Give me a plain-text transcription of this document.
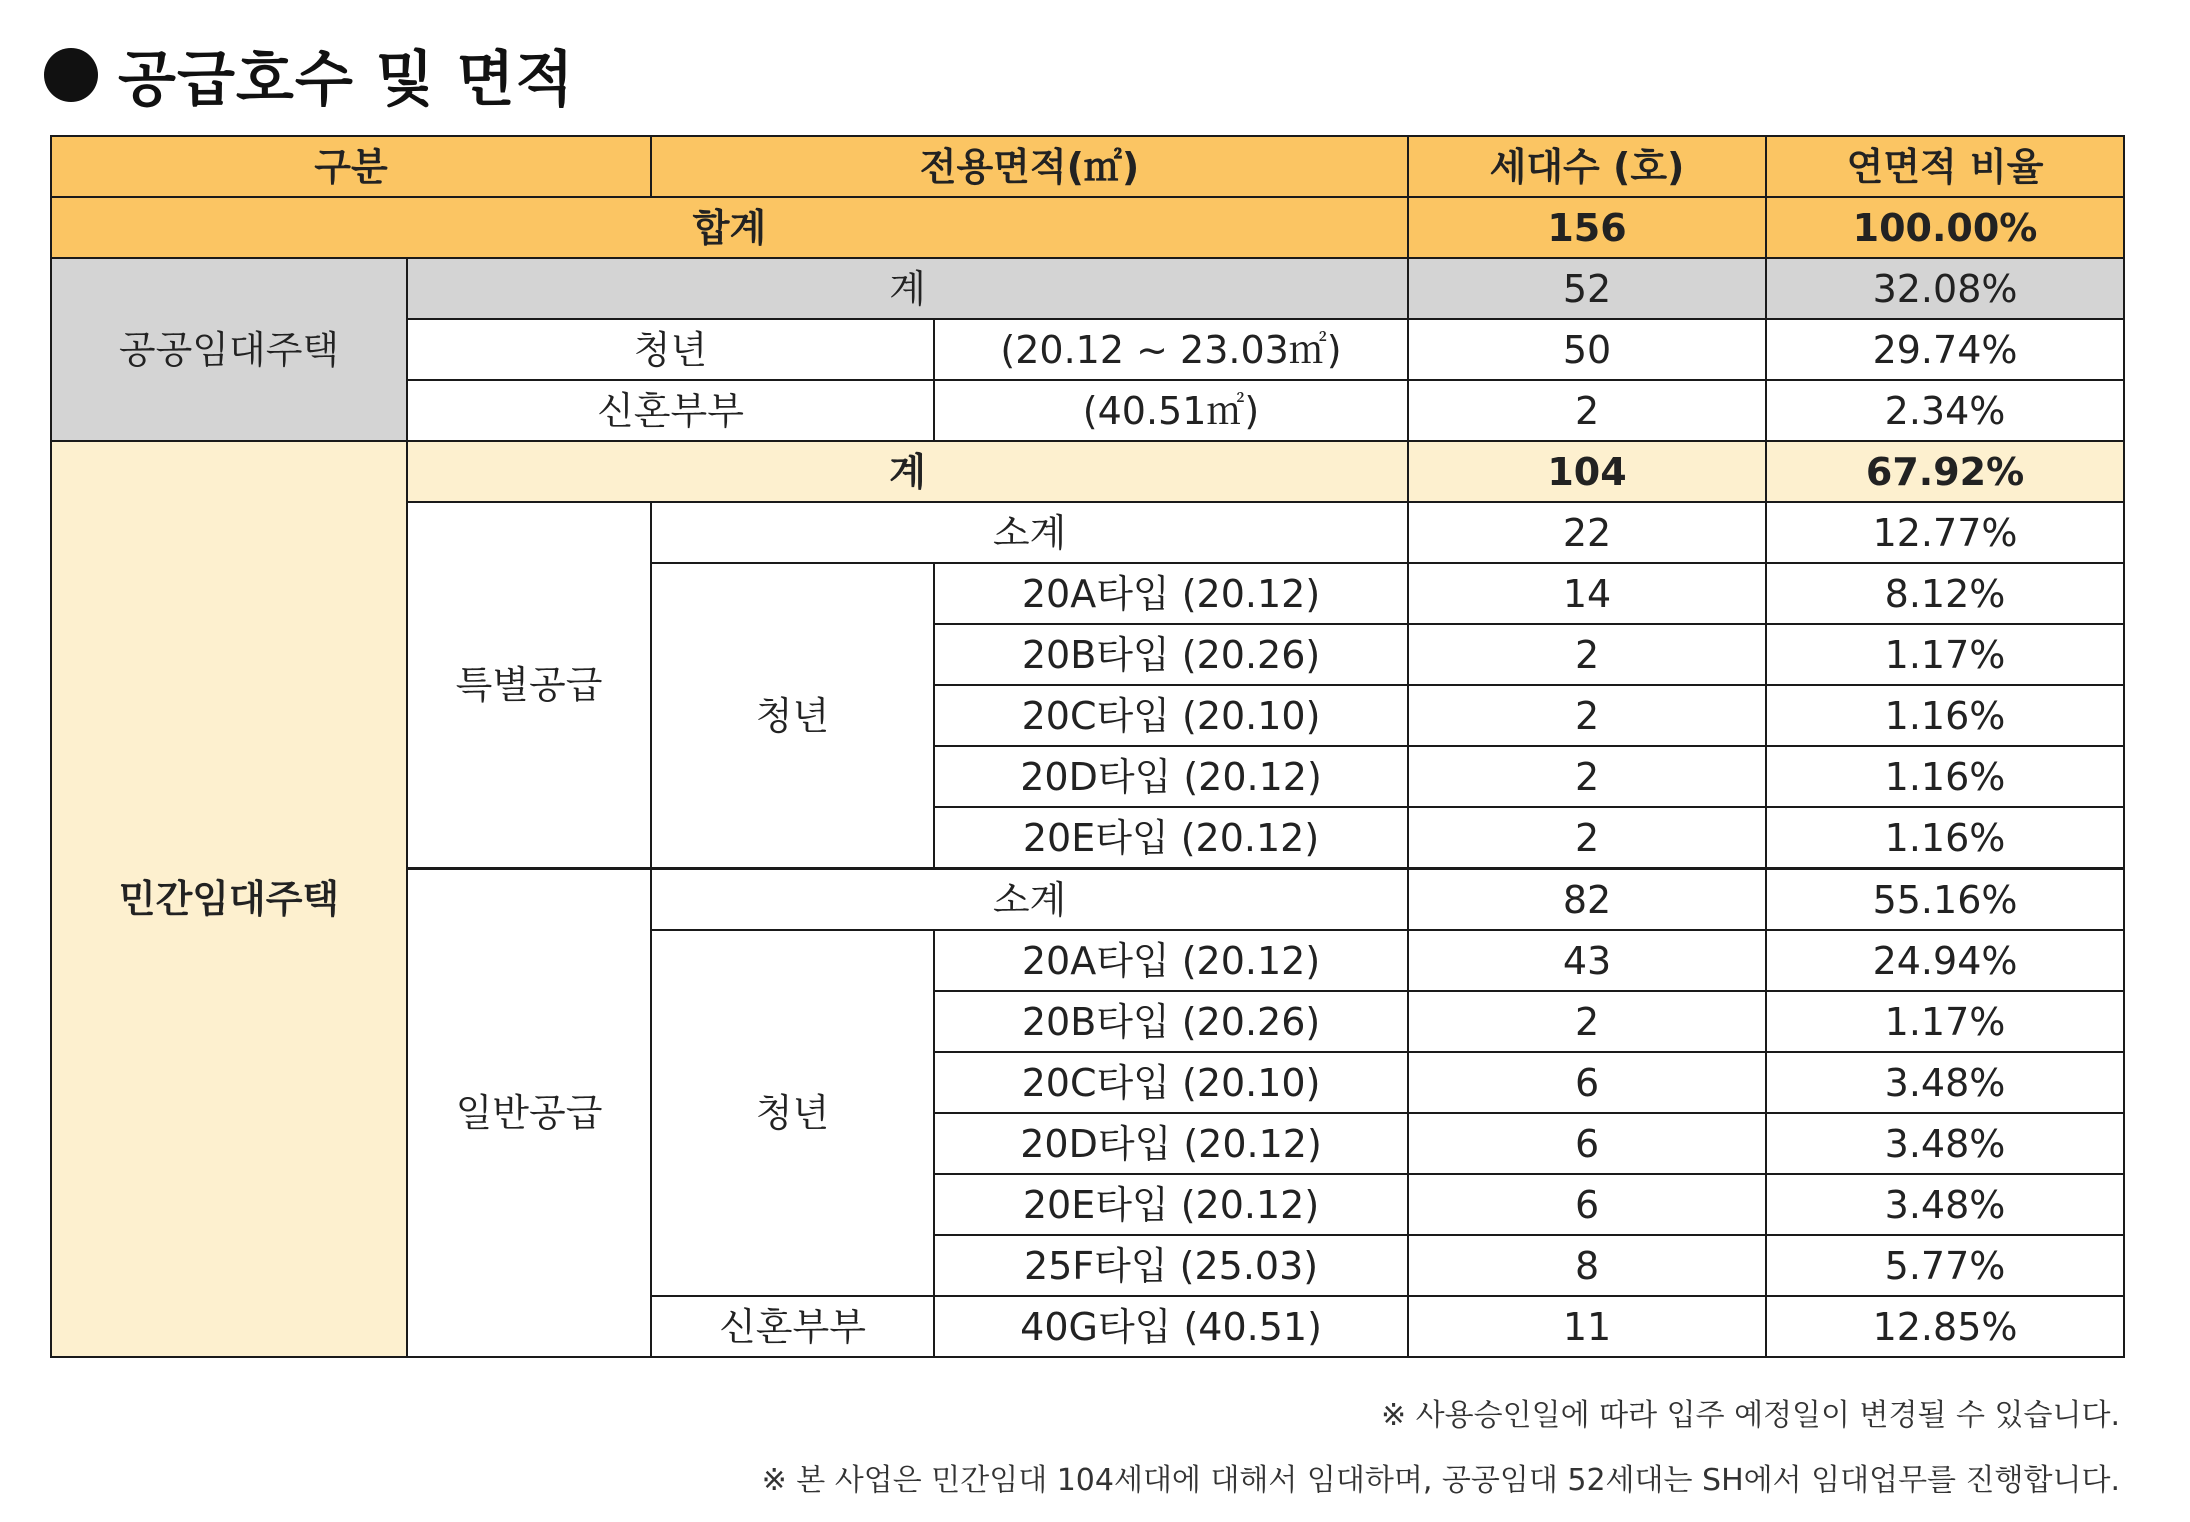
공급호수 및 면적
구분		전용면적(㎡)		세대수 (호)	연면적 비율
합계				156	100.00%
공공임대주택	계			52	32.08%
	청년		(20.12 ~ 23.03㎡)	50	29.74%
	신혼부부		(40.51㎡)	2	2.34%
민간임대주택	계			104	67.92%
	특별공급	소계		22	12.77%
		청년	20A타입 (20.12)	14	8.12%
			20B타입 (20.26)	2	1.17%
			20C타입 (20.10)	2	1.16%
			20D타입 (20.12)	2	1.16%
			20E타입 (20.12)	2	1.16%
	일반공급	소계		82	55.16%
		청년	20A타입 (20.12)	43	24.94%
			20B타입 (20.26)	2	1.17%
			20C타입 (20.10)	6	3.48%
			20D타입 (20.12)	6	3.48%
			20E타입 (20.12)	6	3.48%
			25F타입 (25.03)	8	5.77%
		신혼부부	40G타입 (40.51)	11	12.85%
※ 사용승인일에 따라 입주 예정일이 변경될 수 있습니다.
※ 본 사업은 민간임대 104세대에 대해서 임대하며, 공공임대 52세대는 SH에서 임대업무를 진행합니다.
